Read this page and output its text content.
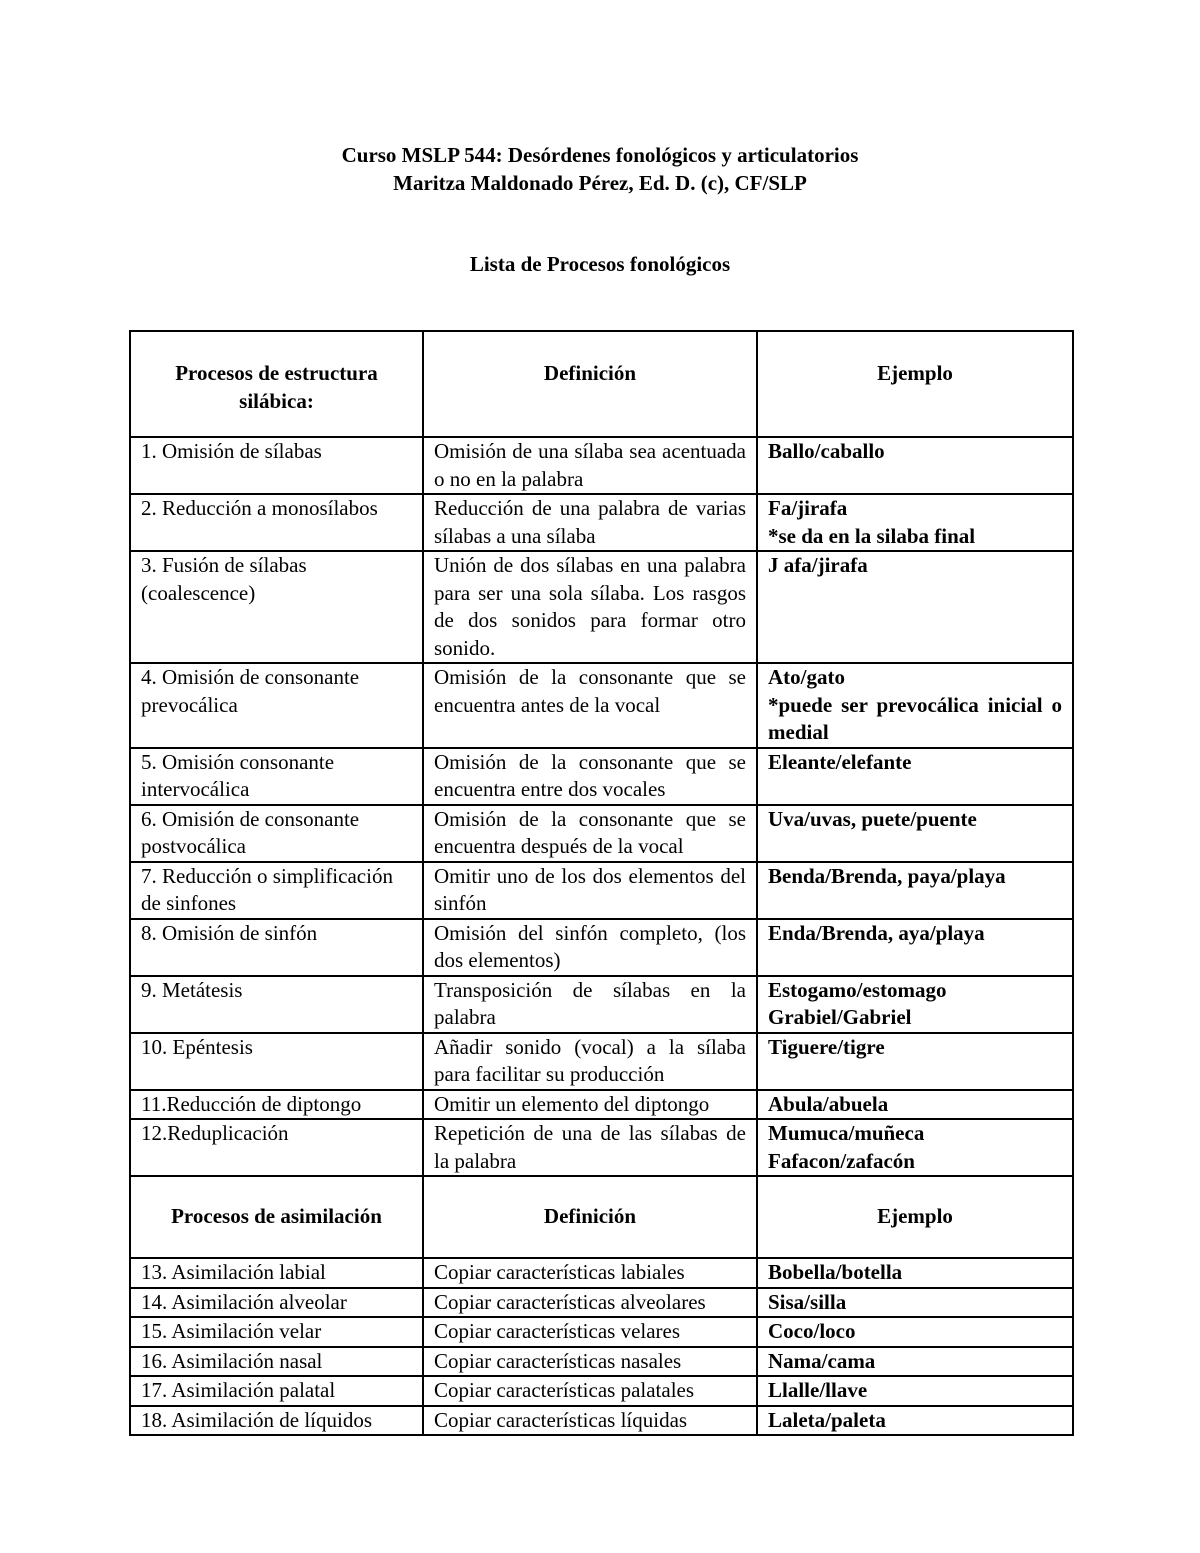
Curso MSLP 544: Desórdenes fonológicos y articulatorios
Maritza Maldonado Pérez, Ed. D. (c), CF/SLP
Lista de Procesos fonológicos
Procesos de estructura silábica:	Definición	Ejemplo
1. Omisión de sílabas	Omisión de una sílaba sea acentuada o no en la palabra	Ballo/caballo

2. Reducción a monosílabos	Reducción de una palabra de varias sílabas a una sílaba	Fa/jirafa
*se da en la silaba final

3. Fusión de sílabas (coalescence)	Unión de dos sílabas en una palabra para ser una sola sílaba. Los rasgos de dos sonidos para formar otro sonido.	J afa/jirafa

4. Omisión de consonante prevocálica	Omisión de la consonante que se encuentra antes de la vocal	Ato/gato
*puede ser prevocálica inicial o medial

5. Omisión consonante intervocálica	Omisión de la consonante que se encuentra entre dos vocales	Eleante/elefante

6. Omisión de consonante postvocálica	Omisión de la consonante que se encuentra después de la vocal	Uva/uvas, puete/puente

7. Reducción o simplificación de sinfones	Omitir uno de los dos elementos del sinfón	Benda/Brenda, paya/playa

8. Omisión de sinfón	Omisión del sinfón completo, (los dos elementos)	Enda/Brenda, aya/playa

9. Metátesis	Transposición de sílabas en la palabra	Estogamo/estomago
Grabiel/Gabriel

10. Epéntesis	Añadir sonido (vocal) a la sílaba para facilitar su producción	Tiguere/tigre

11.Reducción de diptongo	Omitir un elemento del diptongo	Abula/abuela

12.Reduplicación	Repetición de una de las sílabas de la palabra	Mumuca/muñeca
Fafacon/zafacón

Procesos de asimilación	Definición	Ejemplo
13. Asimilación labial	Copiar características labiales	Bobella/botella

14. Asimilación alveolar	Copiar características alveolares	Sisa/silla

15. Asimilación velar	Copiar características velares	Coco/loco

16. Asimilación nasal	Copiar características nasales	Nama/cama

17. Asimilación palatal	Copiar características palatales	Llalle/llave

18. Asimilación de líquidos	Copiar características líquidas	Laleta/paleta
